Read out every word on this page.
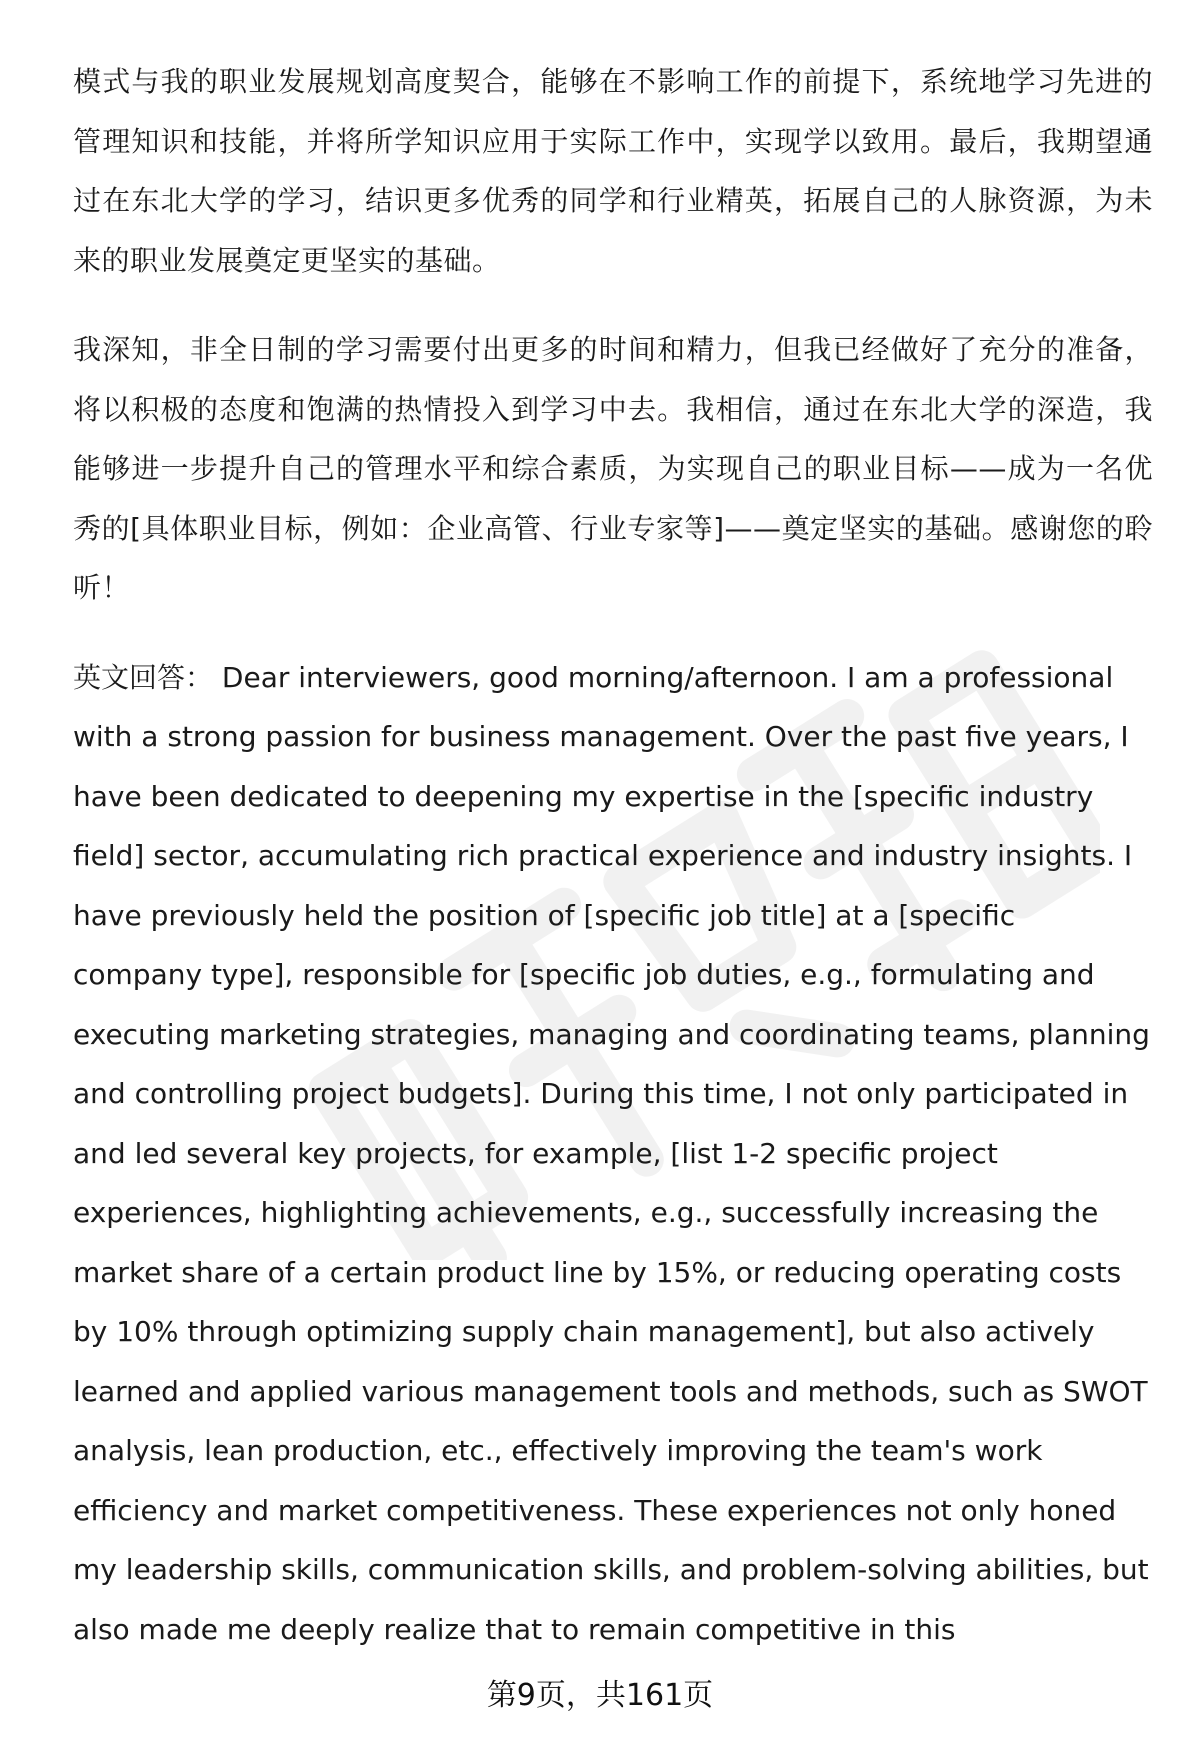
模式与我的职业发展规划高度契合，能够在不影响工作的前提下，系统地学习先进的管理知识和技能，并将所学知识应用于实际工作中，实现学以致用。最后，我期望通过在东北大学的学习，结识更多优秀的同学和行业精英，拓展自己的人脉资源，为未来的职业发展奠定更坚实的基础。

我深知，非全日制的学习需要付出更多的时间和精力，但我已经做好了充分的准备，将以积极的态度和饱满的热情投入到学习中去。我相信，通过在东北大学的深造，我能够进一步提升自己的管理水平和综合素质，为实现自己的职业目标——成为一名优秀的[具体职业目标，例如：企业高管、行业专家等]——奠定坚实的基础。感谢您的聆听！

英文回答： Dear interviewers, good morning/afternoon. I am a professional with a strong passion for business management. Over the past five years, I have been dedicated to deepening my expertise in the [specific industry field] sector, accumulating rich practical experience and industry insights. I have previously held the position of [specific job title] at a [specific company type], responsible for [specific job duties, e.g., formulating and executing marketing strategies, managing and coordinating teams, planning and controlling project budgets]. During this time, I not only participated in and led several key projects, for example, [list 1-2 specific project experiences, highlighting achievements, e.g., successfully increasing the market share of a certain product line by 15%, or reducing operating costs by 10% through optimizing supply chain management], but also actively learned and applied various management tools and methods, such as SWOT analysis, lean production, etc., effectively improving the team's work efficiency and market competitiveness. These experiences not only honed my leadership skills, communication skills, and problem-solving abilities, but also made me deeply realize that to remain competitive in this

第9页，共161页
